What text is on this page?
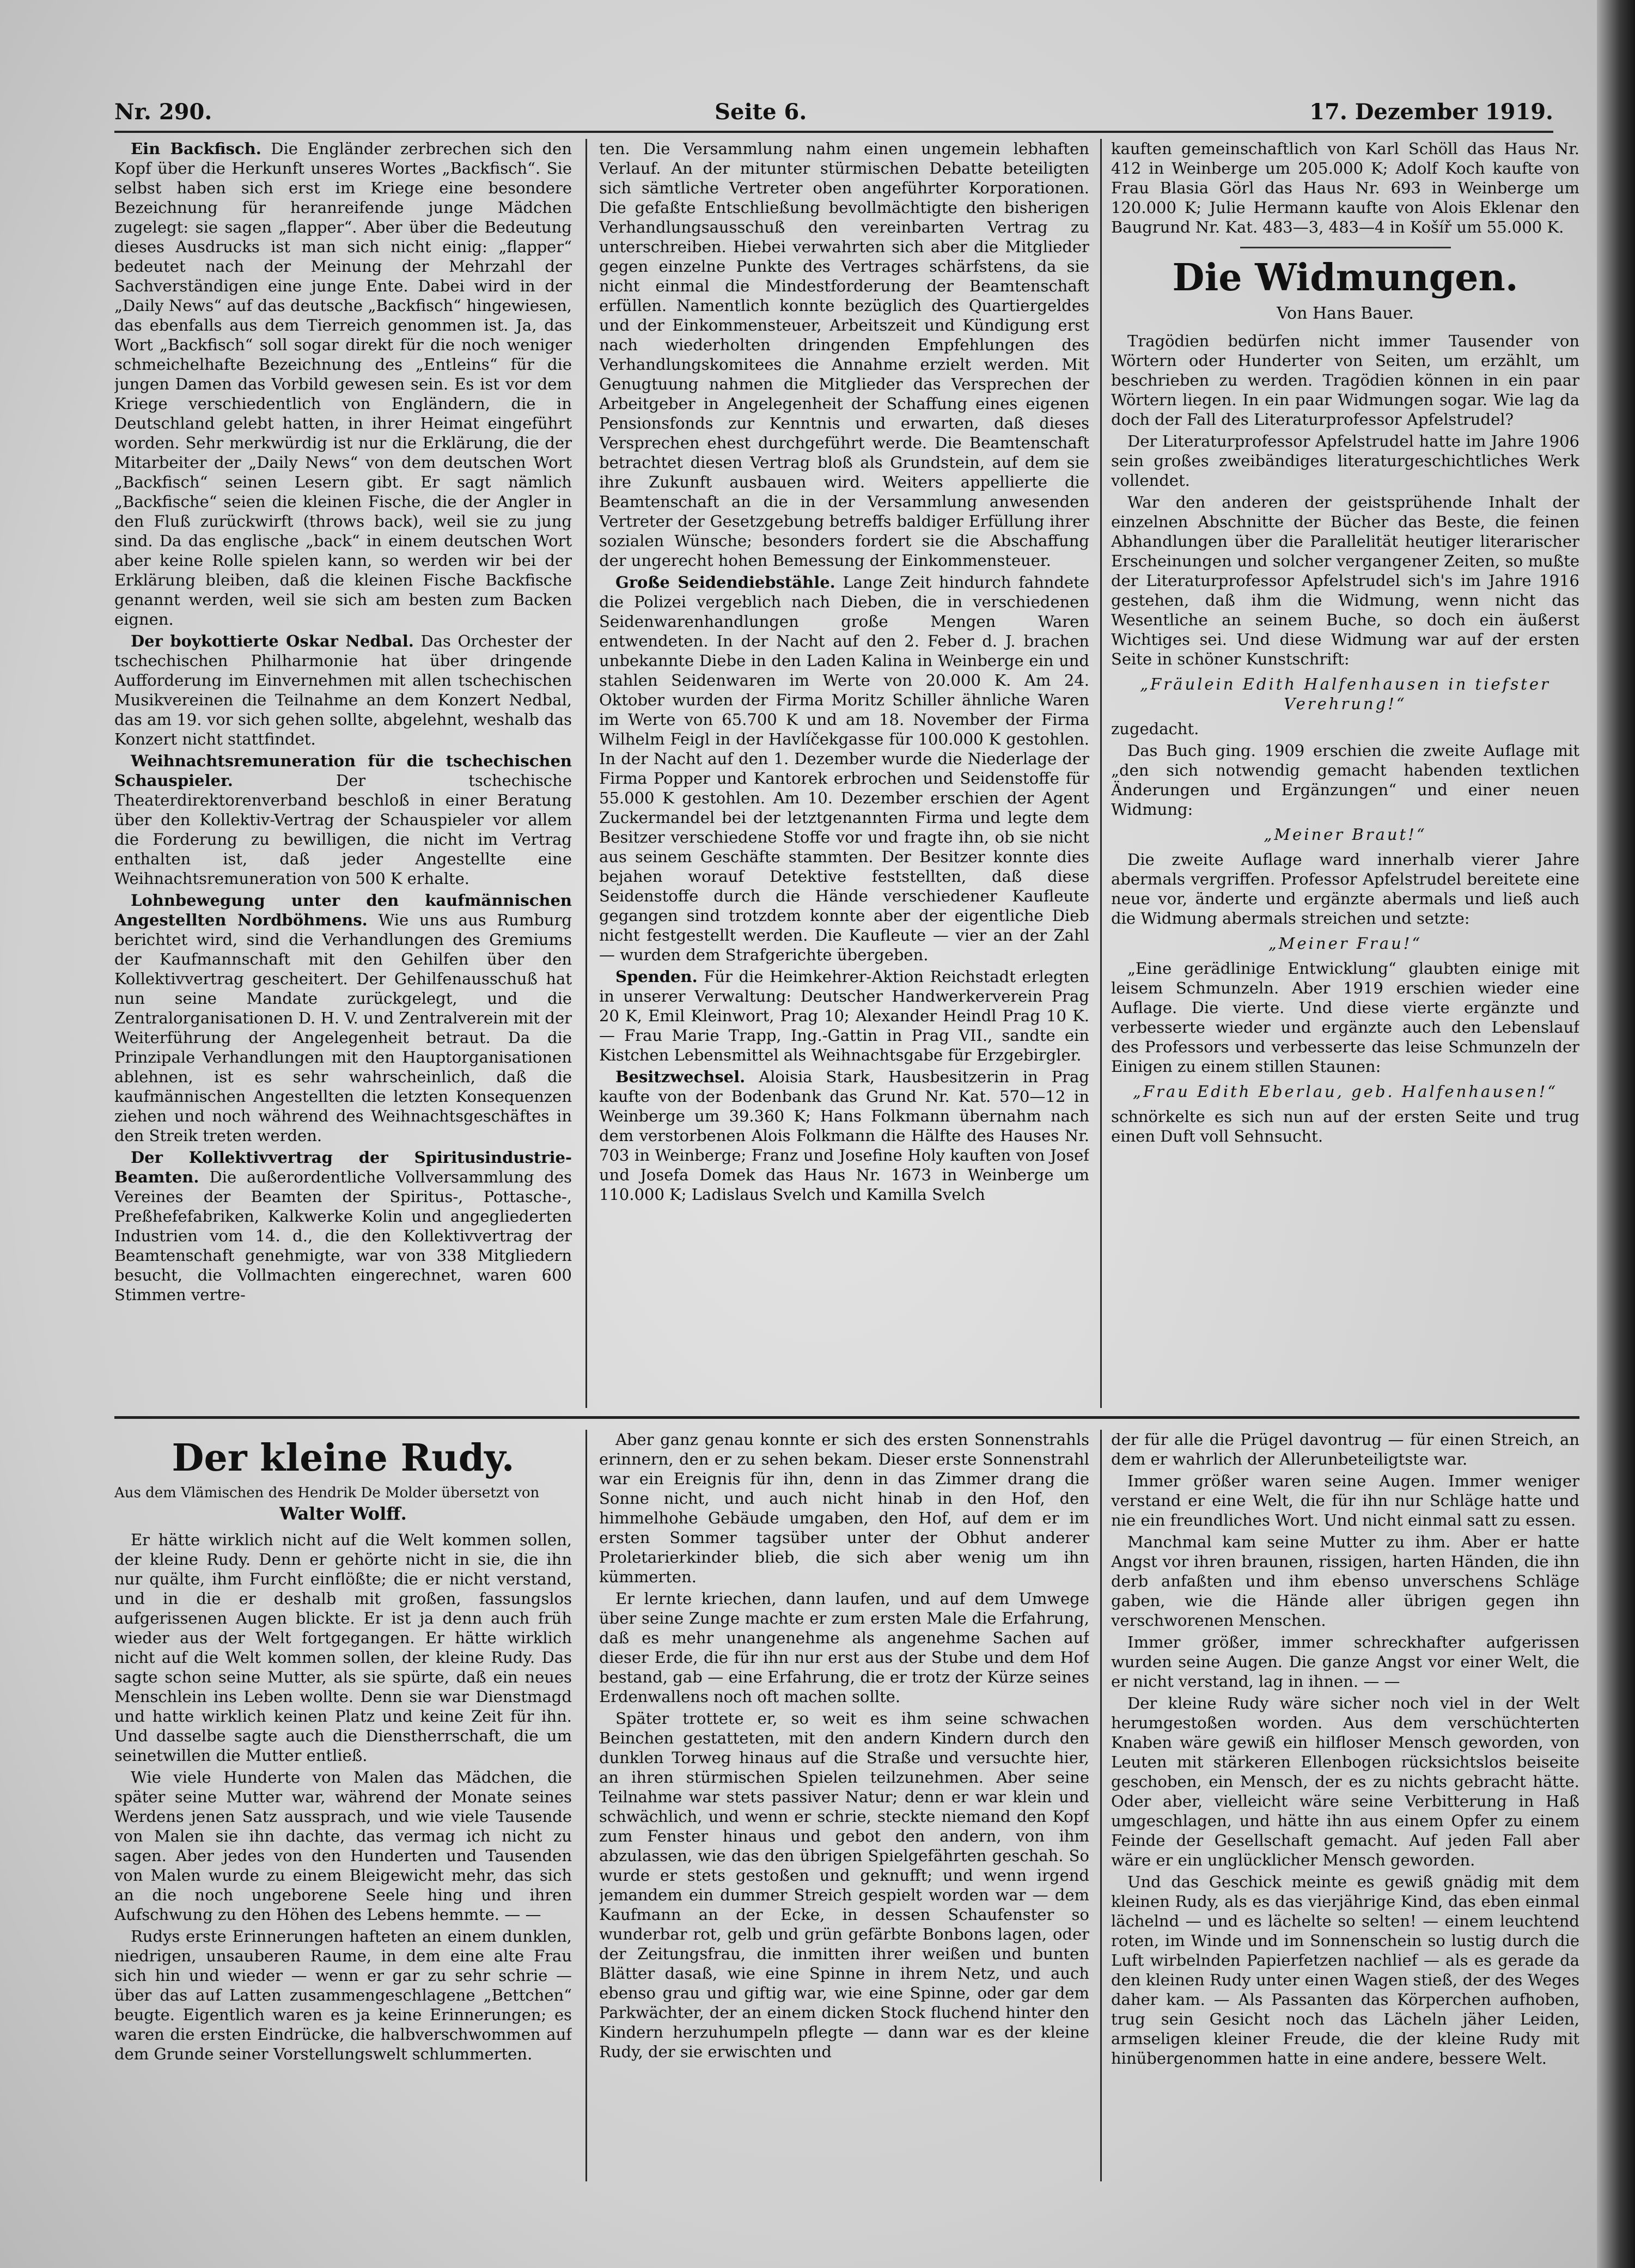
Nr. 290.	Seite 6.	17. Dezember 1919.

Ein Backfisch. Die Engländer zerbrechen sich den Kopf über die Herkunft unseres Wortes „Backfisch“. Sie selbst haben sich erst im Kriege eine besondere Bezeichnung für heranreifende junge Mädchen zugelegt: sie sagen „flapper“. Aber über die Bedeutung dieses Ausdrucks ist man sich nicht einig: „flapper“ bedeutet nach der Meinung der Mehrzahl der Sachverständigen eine junge Ente. Dabei wird in der „Daily News“ auf das deutsche „Backfisch“ hingewiesen, das ebenfalls aus dem Tierreich genommen ist. Ja, das Wort „Backfisch“ soll sogar direkt für die noch weniger schmeichelhafte Bezeichnung des „Entleins“ für die jungen Damen das Vorbild gewesen sein. Es ist vor dem Kriege verschiedentlich von Engländern, die in Deutschland gelebt hatten, in ihrer Heimat eingeführt worden. Sehr merkwürdig ist nur die Erklärung, die der Mitarbeiter der „Daily News“ von dem deutschen Wort „Backfisch“ seinen Lesern gibt. Er sagt nämlich „Backfische“ seien die kleinen Fische, die der Angler in den Fluß zurückwirft (throws back), weil sie zu jung sind. Da das englische „back“ in einem deutschen Wort aber keine Rolle spielen kann, so werden wir bei der Erklärung bleiben, daß die kleinen Fische Backfische genannt werden, weil sie sich am besten zum Backen eignen.

Der boykottierte Oskar Nedbal. Das Orchester der tschechischen Philharmonie hat über dringende Aufforderung im Einvernehmen mit allen tschechischen Musikvereinen die Teilnahme an dem Konzert Nedbal, das am 19. vor sich gehen sollte, abgelehnt, weshalb das Konzert nicht stattfindet.

Weihnachtsremuneration für die tschechischen Schauspieler.	Der tschechische Theaterdirektorenverband beschloß in einer Beratung über den Kollektiv-Vertrag der Schauspieler vor allem die Forderung zu bewilligen, die nicht im Vertrag enthalten ist, daß jeder Angestellte eine Weihnachtsremuneration von 500 K erhalte.

Lohnbewegung unter den kaufmännischen Angestellten Nordböhmens. Wie uns aus Rumburg berichtet wird, sind die Verhandlungen des Gremiums der Kaufmannschaft mit den Gehilfen über den Kollektivvertrag gescheitert. Der Gehilfenausschuß hat nun seine Mandate zurückgelegt, und die Zentralorganisationen D. H. V. und Zentralverein mit der Weiterführung der Angelegenheit betraut. Da die Prinzipale Verhandlungen mit den Hauptorganisationen ablehnen, ist es sehr wahrscheinlich, daß die kaufmännischen Angestellten die letzten Konsequenzen ziehen und noch während des Weihnachtsgeschäftes in den Streik treten werden.

Der Kollektivvertrag der Spiritusindustrie-Beamten. Die außerordentliche Vollversammlung des Vereines der Beamten der Spiritus-, Pottasche-, Preßhefefabriken, Kalkwerke Kolin und angegliederten Industrien vom 14. d., die den Kollektivvertrag der Beamtenschaft genehmigte, war von 338 Mitgliedern besucht, die Vollmachten eingerechnet, waren 600 Stimmen vertre-

ten. Die Versammlung nahm einen ungemein lebhaften Verlauf. An der mitunter stürmischen Debatte beteiligten sich sämtliche Vertreter oben angeführter Korporationen. Die gefaßte Entschließung bevollmächtigte den bisherigen Verhandlungsausschuß den vereinbarten Vertrag zu unterschreiben. Hiebei verwahrten sich aber die Mitglieder gegen einzelne Punkte des Vertrages schärfstens, da sie nicht einmal die Mindestforderung der Beamtenschaft erfüllen. Namentlich konnte bezüglich des Quartiergeldes und der Einkommensteuer, Arbeitszeit und Kündigung erst nach wiederholten dringenden Empfehlungen des Verhandlungskomitees die Annahme erzielt werden. Mit Genugtuung nahmen die Mitglieder das Versprechen der Arbeitgeber in Angelegenheit der Schaffung eines eigenen Pensionsfonds zur Kenntnis und erwarten, daß dieses Versprechen ehest durchgeführt werde. Die Beamtenschaft betrachtet diesen Vertrag bloß als Grundstein, auf dem sie ihre Zukunft ausbauen wird. Weiters appellierte die Beamtenschaft an die in der Versammlung anwesenden Vertreter der Gesetzgebung betreffs baldiger Erfüllung ihrer sozialen Wünsche; besonders fordert sie die Abschaffung der ungerecht hohen Bemessung der Einkommensteuer.

Große Seidendiebstähle. Lange Zeit hindurch fahndete die Polizei vergeblich nach Dieben, die in verschiedenen Seidenwarenhandlungen große Mengen Waren entwendeten. In der Nacht auf den 2. Feber d. J. brachen unbekannte Diebe in den Laden Kalina in Weinberge ein und stahlen Seidenwaren im Werte von 20.000 K. Am 24. Oktober wurden der Firma Moritz Schiller ähnliche Waren im Werte von 65.700 K und am 18. November der Firma Wilhelm Feigl in der Havlíčekgasse für 100.000 K gestohlen. In der Nacht auf den 1. Dezember wurde die Niederlage der Firma Popper und Kantorek erbrochen und Seidenstoffe für 55.000 K gestohlen. Am 10. Dezember erschien der Agent Zuckermandel bei der letztgenannten Firma und legte dem Besitzer verschiedene Stoffe vor und fragte ihn, ob sie nicht aus seinem Geschäfte stammten. Der Besitzer konnte dies bejahen worauf Detektive feststellten, daß diese Seidenstoffe durch die Hände verschiedener Kaufleute gegangen sind trotzdem konnte aber der eigentliche Dieb nicht festgestellt werden. Die Kaufleute — vier an der Zahl — wurden dem Strafgerichte übergeben.

Spenden. Für die Heimkehrer-Aktion Reichstadt erlegten in unserer Verwaltung: Deutscher Handwerkerverein Prag 20 K, Emil Kleinwort, Prag 10; Alexander Heindl Prag 10 K. — Frau Marie Trapp, Ing.-Gattin in Prag VII., sandte ein Kistchen Lebensmittel als Weihnachtsgabe für Erzgebirgler.

Besitzwechsel. Aloisia Stark, Hausbesitzerin in Prag kaufte von der Bodenbank das Grund Nr. Kat. 570—12 in Weinberge um 39.360 K; Hans Folkmann übernahm nach dem verstorbenen Alois Folkmann die Hälfte des Hauses Nr. 703 in Weinberge; Franz und Josefine Holy kauften von Josef und Josefa Domek das Haus Nr. 1673 in Weinberge um 110.000 K; Ladislaus Svelch und Kamilla Svelch

kauften gemeinschaftlich von Karl Schöll das Haus Nr. 412 in Weinberge um 205.000 K; Adolf Koch kaufte von Frau Blasia Görl das Haus Nr. 693 in Weinberge um 120.000 K; Julie Hermann kaufte von Alois Eklenar den Baugrund Nr. Kat. 483—3, 483—4 in Košíř um 55.000 K.

Die Widmungen.
Von Hans Bauer.

Tragödien bedürfen nicht immer Tausender von Wörtern oder Hunderter von Seiten, um erzählt, um beschrieben zu werden. Tragödien können in ein paar Wörtern liegen. In ein paar Widmungen sogar. Wie lag da doch der Fall des Literaturprofessor Apfelstrudel?

Der Literaturprofessor Apfelstrudel hatte im Jahre 1906 sein großes zweibändiges literaturgeschichtliches Werk vollendet.

War den anderen der geistsprühende Inhalt der einzelnen Abschnitte der Bücher das Beste, die feinen Abhandlungen über die Parallelität heutiger literarischer Erscheinungen und solcher vergangener Zeiten, so mußte der Literaturprofessor Apfelstrudel sich's im Jahre 1916 gestehen, daß ihm die Widmung, wenn nicht das Wesentliche an seinem Buche, so doch ein äußerst Wichtiges sei. Und diese Widmung war auf der ersten Seite in schöner Kunstschrift:

„Fräulein Edith Halfenhausen in tiefster Verehrung!“

zugedacht.

Das Buch ging. 1909 erschien die zweite Auflage mit „den sich notwendig gemacht habenden textlichen Änderungen und Ergänzungen“ und einer neuen Widmung:

„Meiner Braut!“

Die zweite Auflage ward innerhalb vierer Jahre abermals vergriffen. Professor Apfelstrudel bereitete eine neue vor, änderte und ergänzte abermals und ließ auch die Widmung abermals streichen und setzte:

„Meiner Frau!“

„Eine gerädlinige Entwicklung“ glaubten einige mit leisem Schmunzeln. Aber 1919 erschien wieder eine Auflage. Die vierte. Und diese vierte ergänzte und verbesserte wieder und ergänzte auch den Lebenslauf des Professors und verbesserte das leise Schmunzeln der Einigen zu einem stillen Staunen:

„Frau Edith Eberlau, geb. Halfenhausen!“

schnörkelte es sich nun auf der ersten Seite und trug einen Duft voll Sehnsucht.

Der kleine Rudy.
Aus dem Vlämischen des Hendrik De Molder übersetzt von
Walter Wolff.

Er hätte wirklich nicht auf die Welt kommen sollen, der kleine Rudy. Denn er gehörte nicht in sie, die ihn nur quälte, ihm Furcht einflößte; die er nicht verstand, und in die er deshalb mit großen, fassungslos aufgerissenen Augen blickte. Er ist ja denn auch früh wieder aus der Welt fortgegangen. Er hätte wirklich nicht auf die Welt kommen sollen, der kleine Rudy. Das sagte schon seine Mutter, als sie spürte, daß ein neues Menschlein ins Leben wollte. Denn sie war Dienstmagd und hatte wirklich keinen Platz und keine Zeit für ihn. Und dasselbe sagte auch die Dienstherrschaft, die um seinetwillen die Mutter entließ.

Wie viele Hunderte von Malen das Mädchen, die später seine Mutter war, während der Monate seines Werdens jenen Satz aussprach, und wie viele Tausende von Malen sie ihn dachte, das vermag ich nicht zu sagen. Aber jedes von den Hunderten und Tausenden von Malen wurde zu einem Bleigewicht mehr, das sich an die noch ungeborene Seele hing und ihren Aufschwung zu den Höhen des Lebens hemmte. — —

Rudys erste Erinnerungen hafteten an einem dunklen, niedrigen, unsauberen Raume, in dem eine alte Frau sich hin und wieder — wenn er gar zu sehr schrie — über das auf Latten zusammengeschlagene „Bettchen“ beugte. Eigentlich waren es ja keine Erinnerungen; es waren die ersten Eindrücke, die halbverschwommen auf dem Grunde seiner Vorstellungswelt schlummerten.

Aber ganz genau konnte er sich des ersten Sonnenstrahls erinnern, den er zu sehen bekam. Dieser erste Sonnenstrahl war ein Ereignis für ihn, denn in das Zimmer drang die Sonne nicht, und auch nicht hinab in den Hof, den himmelhohe Gebäude umgaben, den Hof, auf dem er im ersten Sommer tagsüber unter der Obhut anderer Proletarierkinder blieb, die sich aber wenig um ihn kümmerten.

Er lernte kriechen, dann laufen, und auf dem Umwege über seine Zunge machte er zum ersten Male die Erfahrung, daß es mehr unangenehme als angenehme Sachen auf dieser Erde, die für ihn nur erst aus der Stube und dem Hof bestand, gab — eine Erfahrung, die er trotz der Kürze seines Erdenwallens noch oft machen sollte.

Später trottete er, so weit es ihm seine schwachen Beinchen gestatteten, mit den andern Kindern durch den dunklen Torweg hinaus auf die Straße und versuchte hier, an ihren stürmischen Spielen teilzunehmen. Aber seine Teilnahme war stets passiver Natur; denn er war klein und schwächlich, und wenn er schrie, steckte niemand den Kopf zum Fenster hinaus und gebot den andern, von ihm abzulassen, wie das den übrigen Spielgefährten geschah. So wurde er stets gestoßen und geknufft; und wenn irgend jemandem ein dummer Streich gespielt worden war — dem Kaufmann an der Ecke, in dessen Schaufenster so wunderbar rot, gelb und grün gefärbte Bonbons lagen, oder der Zeitungsfrau, die inmitten ihrer weißen und bunten Blätter dasaß, wie eine Spinne in ihrem Netz, und auch ebenso grau und giftig war, wie eine Spinne, oder gar dem Parkwächter, der an einem dicken Stock fluchend hinter den Kindern herzuhumpeln pflegte — dann war es der kleine Rudy, der sie erwischten und

der für alle die Prügel davontrug — für einen Streich, an dem er wahrlich der Allerunbeteiligtste war.

Immer größer waren seine Augen. Immer weniger verstand er eine Welt, die für ihn nur Schläge hatte und nie ein freundliches Wort. Und nicht einmal satt zu essen.

Manchmal kam seine Mutter zu ihm. Aber er hatte Angst vor ihren braunen, rissigen, harten Händen, die ihn derb anfaßten und ihm ebenso unverschens Schläge gaben, wie die Hände aller übrigen gegen ihn verschworenen Menschen.

Immer größer, immer schreckhafter aufgerissen wurden seine Augen. Die ganze Angst vor einer Welt, die er nicht verstand, lag in ihnen. — —

Der kleine Rudy wäre sicher noch viel in der Welt herumgestoßen worden. Aus dem verschüchterten Knaben wäre gewiß ein hilfloser Mensch geworden, von Leuten mit stärkeren Ellenbogen rücksichtslos beiseite geschoben, ein Mensch, der es zu nichts gebracht hätte. Oder aber, vielleicht wäre seine Verbitterung in Haß umgeschlagen, und hätte ihn aus einem Opfer zu einem Feinde der Gesellschaft gemacht. Auf jeden Fall aber wäre er ein unglücklicher Mensch geworden.

Und das Geschick meinte es gewiß gnädig mit dem kleinen Rudy, als es das vierjährige Kind, das eben einmal lächelnd — und es lächelte so selten! — einem leuchtend roten, im Winde und im Sonnenschein so lustig durch die Luft wirbelnden Papierfetzen nachlief — als es gerade da den kleinen Rudy unter einen Wagen stieß, der des Weges daher kam. — Als Passanten das Körperchen aufhoben, trug sein Gesicht noch das Lächeln jäher Leiden, armseligen kleiner Freude, die der kleine Rudy mit hinübergenommen hatte in eine andere, bessere Welt.
